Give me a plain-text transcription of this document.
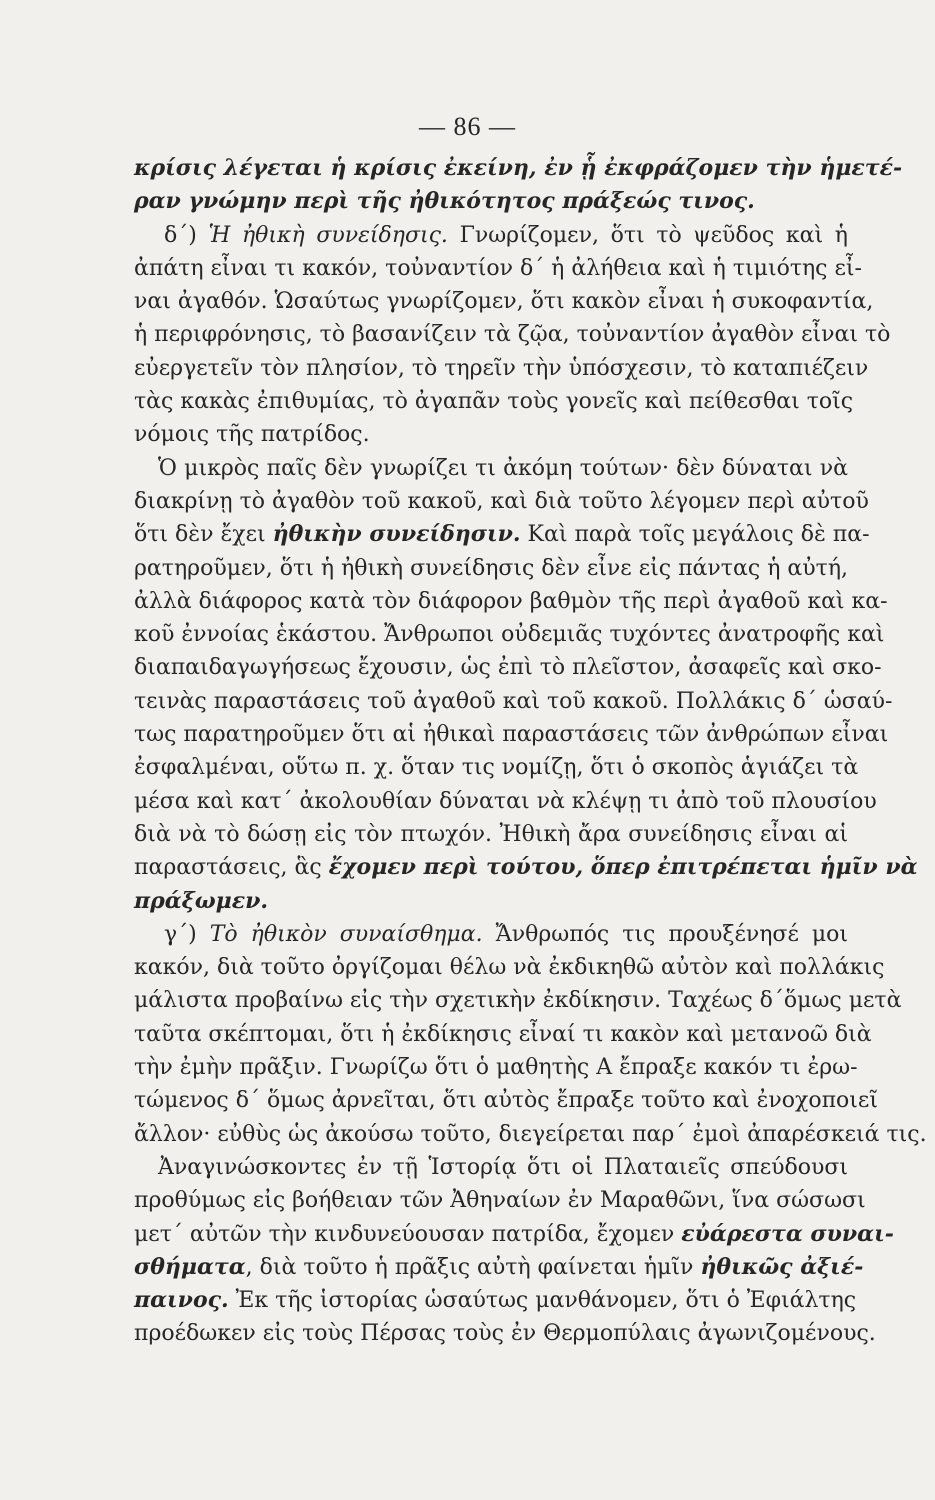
— 86 —
κρίσις λέγεται ἡ κρίσις ἐκείνη, ἐν ᾗ ἐκφράζομεν τὴν ἡμετέ-
ραν γνώμην περὶ τῆς ἠθικότητος πράξεώς τινος.
δ΄) Ἡ ἠθικὴ συνείδησις. Γνωρίζομεν, ὅτι τὸ ψεῦδος καὶ ἡ
ἀπάτη εἶναι τι κακόν, τοὐναντίον δ΄ ἡ ἀλήθεια καὶ ἡ τιμιότης εἶ-
ναι ἀγαθόν. Ὡσαύτως γνωρίζομεν, ὅτι κακὸν εἶναι ἡ συκοφαντία,
ἡ περιφρόνησις, τὸ βασανίζειν τὰ ζῷα, τοὐναντίον ἀγαθὸν εἶναι τὸ
εὐεργετεῖν τὸν πλησίον, τὸ τηρεῖν τὴν ὑπόσχεσιν, τὸ καταπιέζειν
τὰς κακὰς ἐπιθυμίας, τὸ ἀγαπᾶν τοὺς γονεῖς καὶ πείθεσθαι τοῖς
νόμοις τῆς πατρίδος.
Ὁ μικρὸς παῖς δὲν γνωρίζει τι ἀκόμη τούτων· δὲν δύναται νὰ
διακρίνῃ τὸ ἀγαθὸν τοῦ κακοῦ, καὶ διὰ τοῦτο λέγομεν περὶ αὐτοῦ
ὅτι δὲν ἔχει ἠθικὴν συνείδησιν. Καὶ παρὰ τοῖς μεγάλοις δὲ πα-
ρατηροῦμεν, ὅτι ἡ ἠθικὴ συνείδησις δὲν εἶνε εἰς πάντας ἡ αὐτή,
ἀλλὰ διάφορος κατὰ τὸν διάφορον βαθμὸν τῆς περὶ ἀγαθοῦ καὶ κα-
κοῦ ἐννοίας ἑκάστου. Ἄνθρωποι οὐδεμιᾶς τυχόντες ἀνατροφῆς καὶ
διαπαιδαγωγήσεως ἔχουσιν, ὡς ἐπὶ τὸ πλεῖστον, ἀσαφεῖς καὶ σκο-
τεινὰς παραστάσεις τοῦ ἀγαθοῦ καὶ τοῦ κακοῦ. Πολλάκις δ΄ ὡσαύ-
τως παρατηροῦμεν ὅτι αἱ ἠθικαὶ παραστάσεις τῶν ἀνθρώπων εἶναι
ἐσφαλμέναι, οὕτω π. χ. ὅταν τις νομίζῃ, ὅτι ὁ σκοπὸς ἁγιάζει τὰ
μέσα καὶ κατ΄ ἀκολουθίαν δύναται νὰ κλέψῃ τι ἀπὸ τοῦ πλουσίου
διὰ νὰ τὸ δώσῃ εἰς τὸν πτωχόν. Ἠθικὴ ἄρα συνείδησις εἶναι αἱ
παραστάσεις, ἃς ἔχομεν περὶ τούτου, ὅπερ ἐπιτρέπεται ἡμῖν νὰ
πράξωμεν.
γ΄) Τὸ ἠθικὸν συναίσθημα. Ἄνθρωπός τις προυξένησέ μοι
κακόν, διὰ τοῦτο ὀργίζομαι θέλω νὰ ἐκδικηθῶ αὐτὸν καὶ πολλάκις
μάλιστα προβαίνω εἰς τὴν σχετικὴν ἐκδίκησιν. Ταχέως δ΄ὅμως μετὰ
ταῦτα σκέπτομαι, ὅτι ἡ ἐκδίκησις εἶναί τι κακὸν καὶ μετανοῶ διὰ
τὴν ἐμὴν πρᾶξιν. Γνωρίζω ὅτι ὁ μαθητὴς Α ἔπραξε κακόν τι ἐρω-
τώμενος δ΄ ὅμως ἀρνεῖται, ὅτι αὐτὸς ἔπραξε τοῦτο καὶ ἐνοχοποιεῖ
ἄλλον· εὐθὺς ὡς ἀκούσω τοῦτο, διεγείρεται παρ΄ ἐμοὶ ἀπαρέσκειά τις.
Ἀναγινώσκοντες ἐν τῇ Ἱστορίᾳ ὅτι οἱ Πλαταιεῖς σπεύδουσι
προθύμως εἰς βοήθειαν τῶν Ἀθηναίων ἐν Μαραθῶνι, ἵνα σώσωσι
μετ΄ αὐτῶν τὴν κινδυνεύουσαν πατρίδα, ἔχομεν εὐάρεστα συναι-
σθήματα, διὰ τοῦτο ἡ πρᾶξις αὐτὴ φαίνεται ἡμῖν ἠθικῶς ἀξιέ-
παινος. Ἐκ τῆς ἱστορίας ὡσαύτως μανθάνομεν, ὅτι ὁ Ἐφιάλτης
προέδωκεν εἰς τοὺς Πέρσας τοὺς ἐν Θερμοπύλαις ἀγωνιζομένους.
